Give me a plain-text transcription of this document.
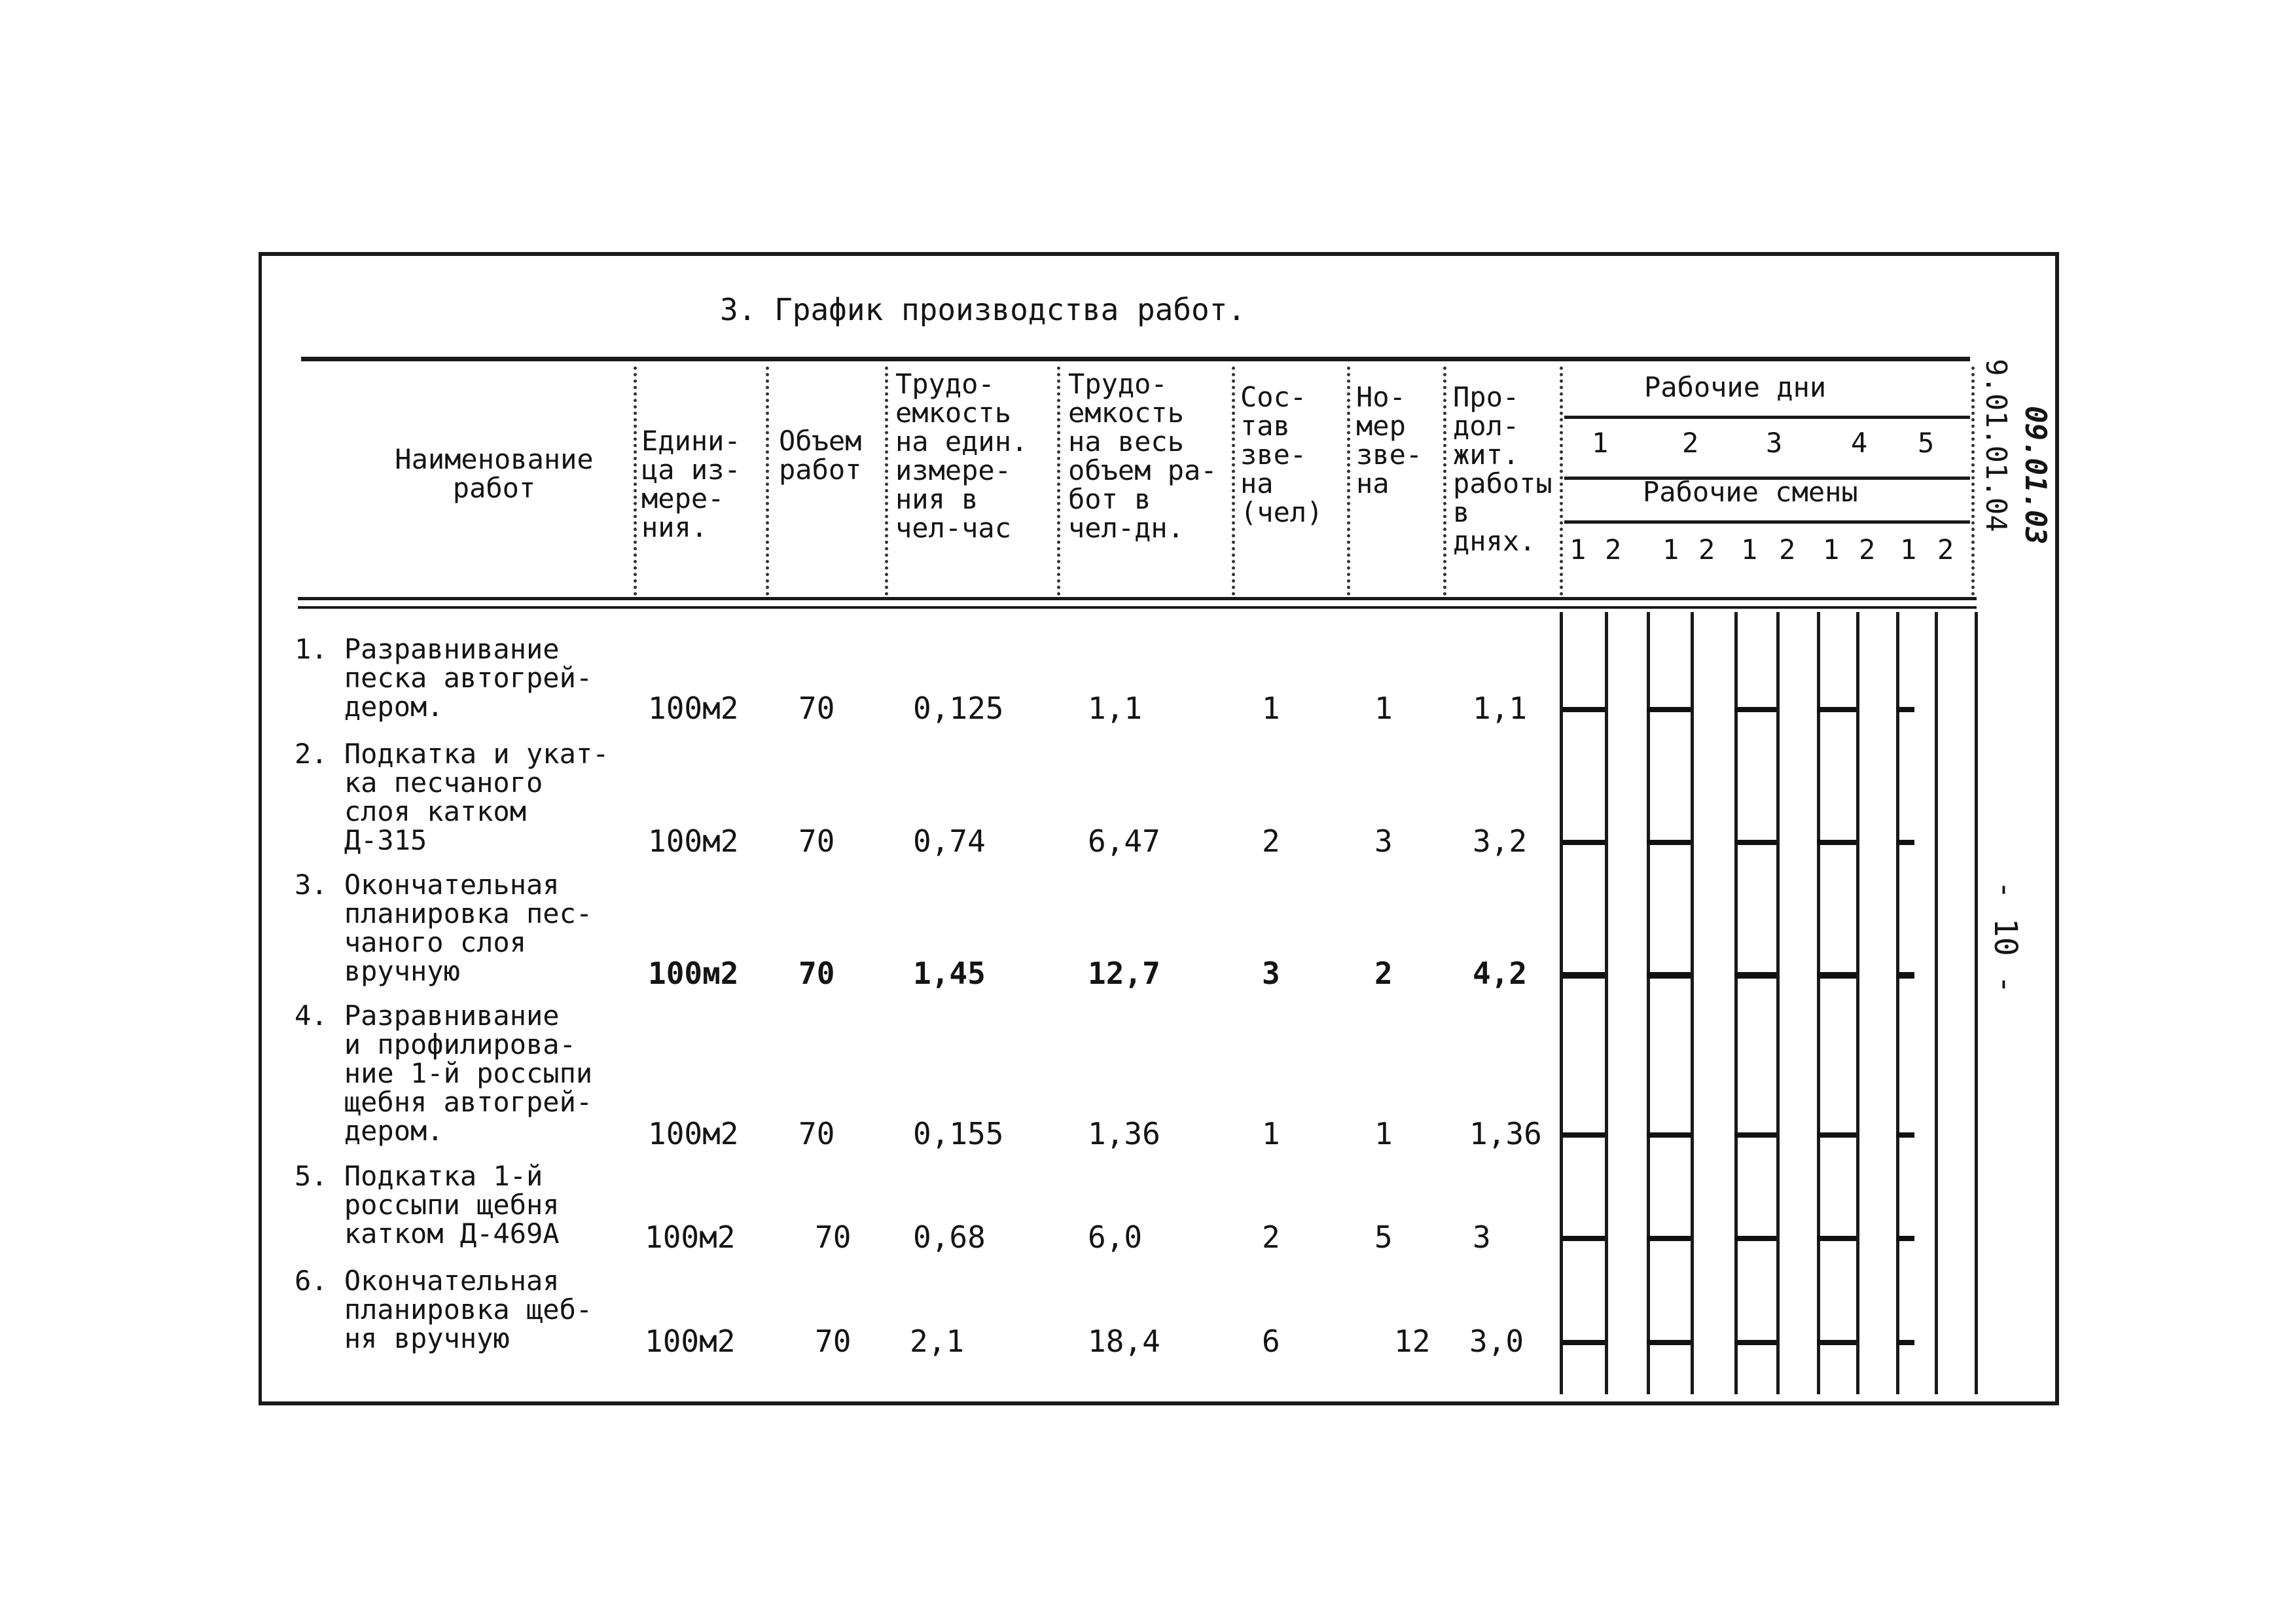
3. График производства работ.
Наименование
работ
Едини-
ца из-
мере-
ния.
Объем
работ
Трудо-
емкость
на един.
измере-
ния в
чел-час
Трудо-
емкость
на весь
объем ра-
бот в
чел-дн.
Сос-
тав
зве-
на
(чел)
Но-
мер
зве-
на
Про-
дол-
жит.
работы
в
днях.
Рабочие дни
Рабочие смены
1	2 3 4 5
1 2 1 2 1 2 1 2 1 2
1. Разравнивание
песка автогрей-
дером.	100м2 70	0,125	1,1	1	1	1,1
2. Подкатка и укат-
ка песчаного
слоя катком
Д-315	100м2 70	0,74	6,47	2	3	3,2
3. Окончательная
планировка пес-
чаного слоя
вручную	100м2 70	1,45	12,7	3	2	4,2
4. Разравнивание
и профилирова-
ние 1-й россыпи
щебня автогрей-
дером.	100м2 70	0,155	1,36	1	1	1,36
5. Подкатка 1-й
россыпи щебня
катком Д-469А	100м2	70 0,68	6,0	2	5	3
6. Окончательная
планировка щеб-
ня вручную	100м2	70 2,1	18,4	6	12 3,0
9.01.01.04 09.01.03
- 10 -
